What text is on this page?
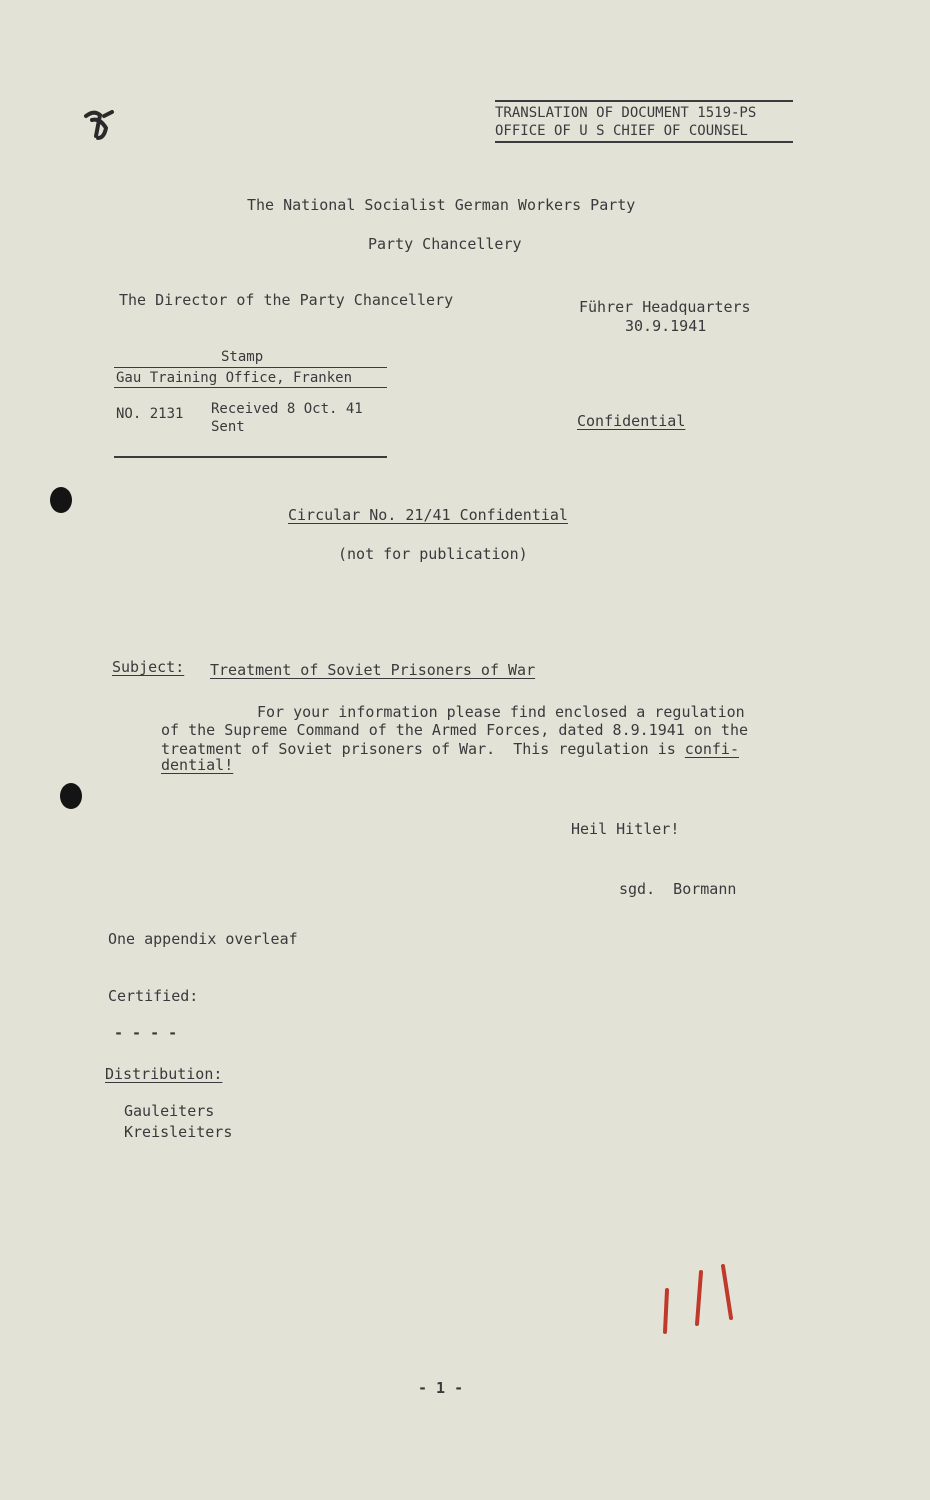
TRANSLATION OF DOCUMENT 1519-PS

OFFICE OF U S CHIEF OF COUNSEL

The National Socialist German Workers Party

Party Chancellery

The Director of the Party Chancellery	Führer Headquarters

30.9.1941

Stamp

Gau Training Office, Franken

NO. 2131 Received 8 Oct. 41

Sent	Confidential

Circular No. 21/41 Confidential

(not for publication)

Subject: Treatment of Soviet Prisoners of War

For your information please find enclosed a regulation

of the Supreme Command of the Armed Forces, dated 8.9.1941 on the

treatment of Soviet prisoners of War.  This regulation is confi-

dential!

Heil Hitler!

sgd.  Bormann

One appendix overleaf

Certified:

- - - -

Distribution:

Gauleiters

Kreisleiters

- 1 -
